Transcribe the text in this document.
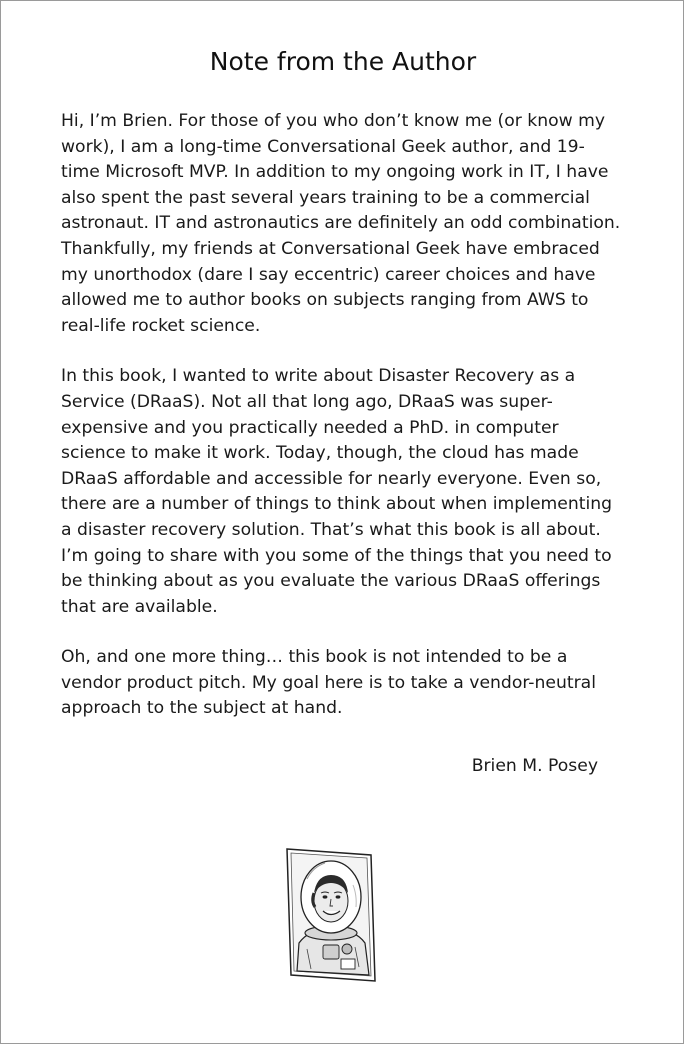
Note from the Author

Hi, I’m Brien. For those of you who don’t know me (or know my work), I am a long-time Conversational Geek author, and 19-time Microsoft MVP. In addition to my ongoing work in IT, I have also spent the past several years training to be a commercial astronaut. IT and astronautics are definitely an odd combination. Thankfully, my friends at Conversational Geek have embraced my unorthodox (dare I say eccentric) career choices and have allowed me to author books on subjects ranging from AWS to real-life rocket science.

In this book, I wanted to write about Disaster Recovery as a Service (DRaaS). Not all that long ago, DRaaS was super-expensive and you practically needed a PhD. in computer science to make it work. Today, though, the cloud has made DRaaS affordable and accessible for nearly everyone. Even so, there are a number of things to think about when implementing a disaster recovery solution. That’s what this book is all about. I’m going to share with you some of the things that you need to be thinking about as you evaluate the various DRaaS offerings that are available.

Oh, and one more thing… this book is not intended to be a vendor product pitch. My goal here is to take a vendor-neutral approach to the subject at hand.

Brien M. Posey
